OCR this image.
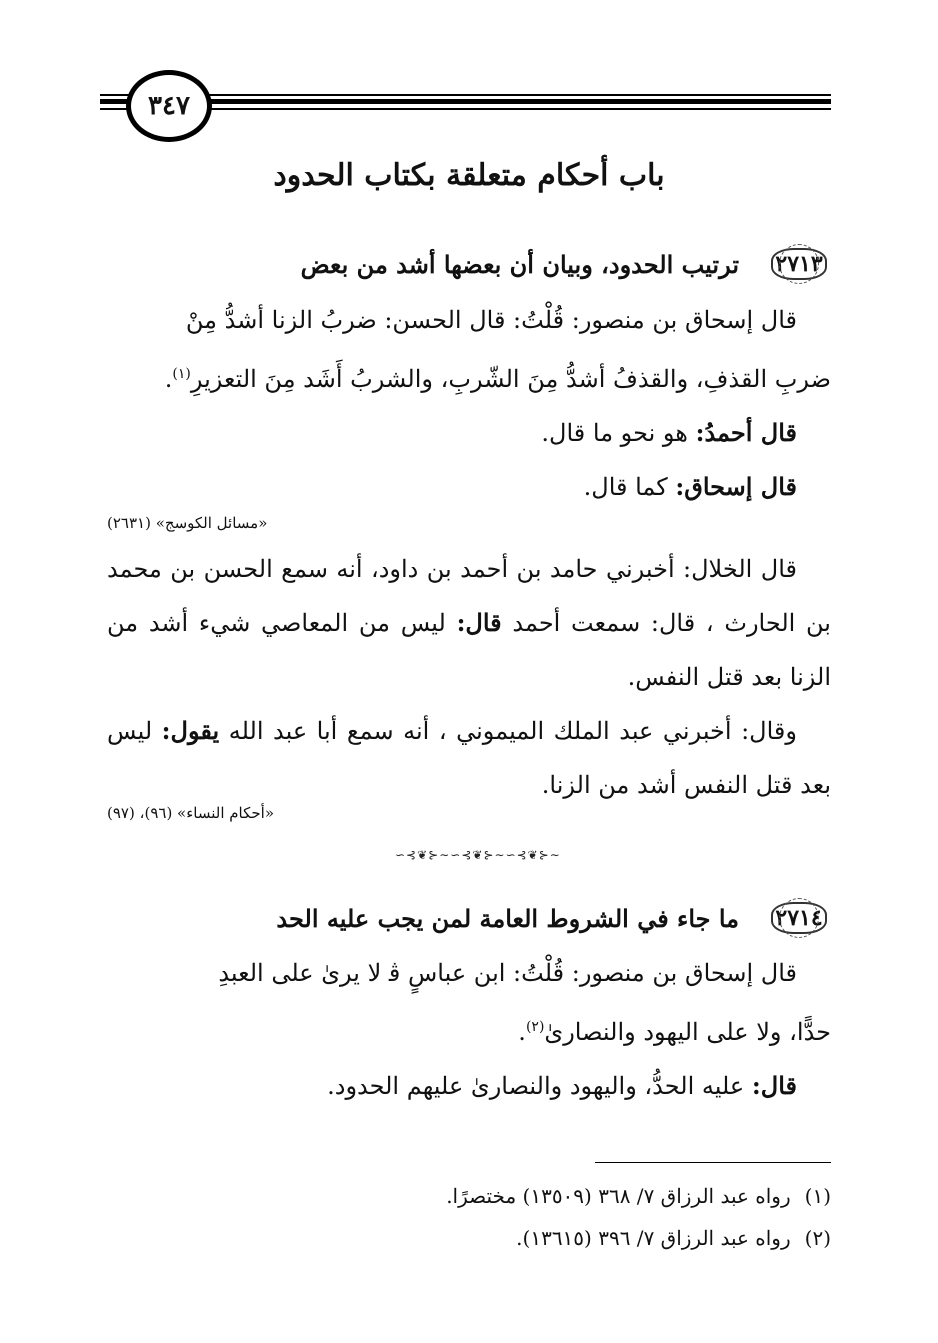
٣٤٧
باب أحكام متعلقة بكتاب الحدود
٢٧١٣
ترتيب الحدود، وبيان أن بعضها أشد من بعض

قال إسحاق بن منصور: قُلْتُ: قال الحسن: ضربُ الزنا أشدُّ مِنْ

ضربِ القذفِ، والقذفُ أشدُّ مِنَ الشّربِ، والشربُ أَشَد مِنَ التعزيرِ$^{(١)}$.

قال أحمدُ: هو نحو ما قال.

قال إسحاق: كما قال.

«مسائل الكوسج» (٢٦٣١)

قال الخلال: أخبرني حامد بن أحمد بن داود، أنه سمع الحسن بن محمد بن الحارث ، قال: سمعت أحمد قال: ليس من المعاصي شيء أشد من الزنا بعد قتل النفس.

وقال: أخبرني عبد الملك الميموني ، أنه سمع أبا عبد الله يقول: ليس بعد قتل النفس أشد من الزنا.

«أحكام النساء» (٩٦)، (٩٧)
∽⊰❦⊱∼ ∽⊰❦⊱∼ ∽⊰❦⊱∼
٢٧١٤
ما جاء في الشروط العامة لمن يجب عليه الحد

قال إسحاق بن منصور: قُلْتُ: ابن عباسٍ ﭬ لا يرىٰ على العبدِ

حدًّا، ولا على اليهود والنصارىٰ$^{(٢)}$.

قال: عليه الحدُّ، واليهود والنصارىٰ عليهم الحدود.

(١)
رواه عبد الرزاق ٧/ ٣٦٨ (١٣٥٠٩) مختصرًا.
(٢)
رواه عبد الرزاق ٧/ ٣٩٦ (١٣٦١٥).
